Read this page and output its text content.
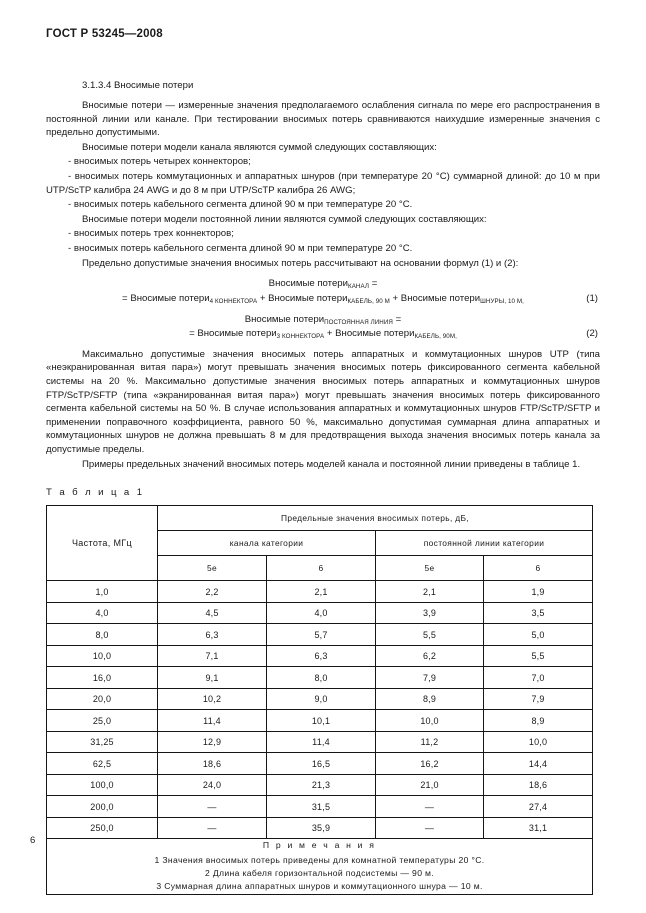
ГОСТ Р 53245—2008
3.1.3.4 Вносимые потери

Вносимые потери — измеренные значения предполагаемого ослабления сигнала по мере его распространения в постоянной линии или канале. При тестировании вносимых потерь сравниваются наихудшие измеренные значения с предельно допустимыми.

Вносимые потери модели канала являются суммой следующих составляющих:

- вносимых потерь четырех коннекторов;

- вносимых потерь коммутационных и аппаратных шнуров (при температуре 20 °C) суммарной длиной: до 10 м при UTP/ScTP калибра 24 AWG и до 8 м при UTP/ScTP калибра 26 AWG;

- вносимых потерь кабельного сегмента длиной 90 м при температуре 20 °C.

Вносимые потери модели постоянной линии являются суммой следующих составляющих:

- вносимых потерь трех коннекторов;

- вносимых потерь кабельного сегмента длиной 90 м при температуре 20 °C.

Предельно допустимые значения вносимых потерь рассчитывают на основании формул (1) и (2):

Вносимые потери$_{КАНАЛ}$ =
= Вносимые потери$_{4 КОННЕКТОРА}$ + Вносимые потери$_{КАБЕЛЬ, 90 М}$ + Вносимые потери$_{ШНУРЫ, 10 М,}$	(1)
Вносимые потери$_{ПОСТОЯННАЯ ЛИНИЯ}$ =
= Вносимые потери$_{3 КОННЕКТОРА}$ + Вносимые потери$_{КАБЕЛЬ, 90М,}$	(2)

Максимально допустимые значения вносимых потерь аппаратных и коммутационных шнуров UTP (типа «неэкранированная витая пара») могут превышать значения вносимых потерь фиксированного сегмента кабельной системы на 20 %. Максимально допустимые значения вносимых потерь аппаратных и коммутационных шнуров FTP/ScTP/SFTP (типа «экранированная витая пара») могут превышать значения вносимых потерь фиксированного сегмента кабельной системы на 50 %. В случае использования аппаратных и коммутационных шнуров FTP/ScTP/SFTP и применении поправочного коэффициента, равного 50 %, максимально допустимая суммарная длина аппаратных и коммутационных шнуров не должна превышать 8 м для предотвращения выхода значения вносимых потерь канала за допустимые пределы.

Примеры предельных значений вносимых потерь моделей канала и постоянной линии приведены в таблице 1.

Т а б л и ц а 1
Частота, МГц	Предельные значения вносимых потерь, дБ,			
	канала категории		постоянной линии категории	
	5е	6	5е	6
1,0	2,2	2,1	2,1	1,9
4,0	4,5	4,0	3,9	3,5
8,0	6,3	5,7	5,5	5,0
10,0	7,1	6,3	6,2	5,5
16,0	9,1	8,0	7,9	7,0
20,0	10,2	9,0	8,9	7,9
25,0	11,4	10,1	10,0	8,9
31,25	12,9	11,4	11,2	10,0
62,5	18,6	16,5	16,2	14,4
100,0	24,0	21,3	21,0	18,6
200,0	—	31,5	—	27,4
250,0	—	35,9	—	31,1

П р и м е ч а н и я
1 Значения вносимых потерь приведены для комнатной температуры 20 °C.
2 Длина кабеля горизонтальной подсистемы — 90 м.
3 Суммарная длина аппаратных шнуров и коммутационного шнура — 10 м.				
6
